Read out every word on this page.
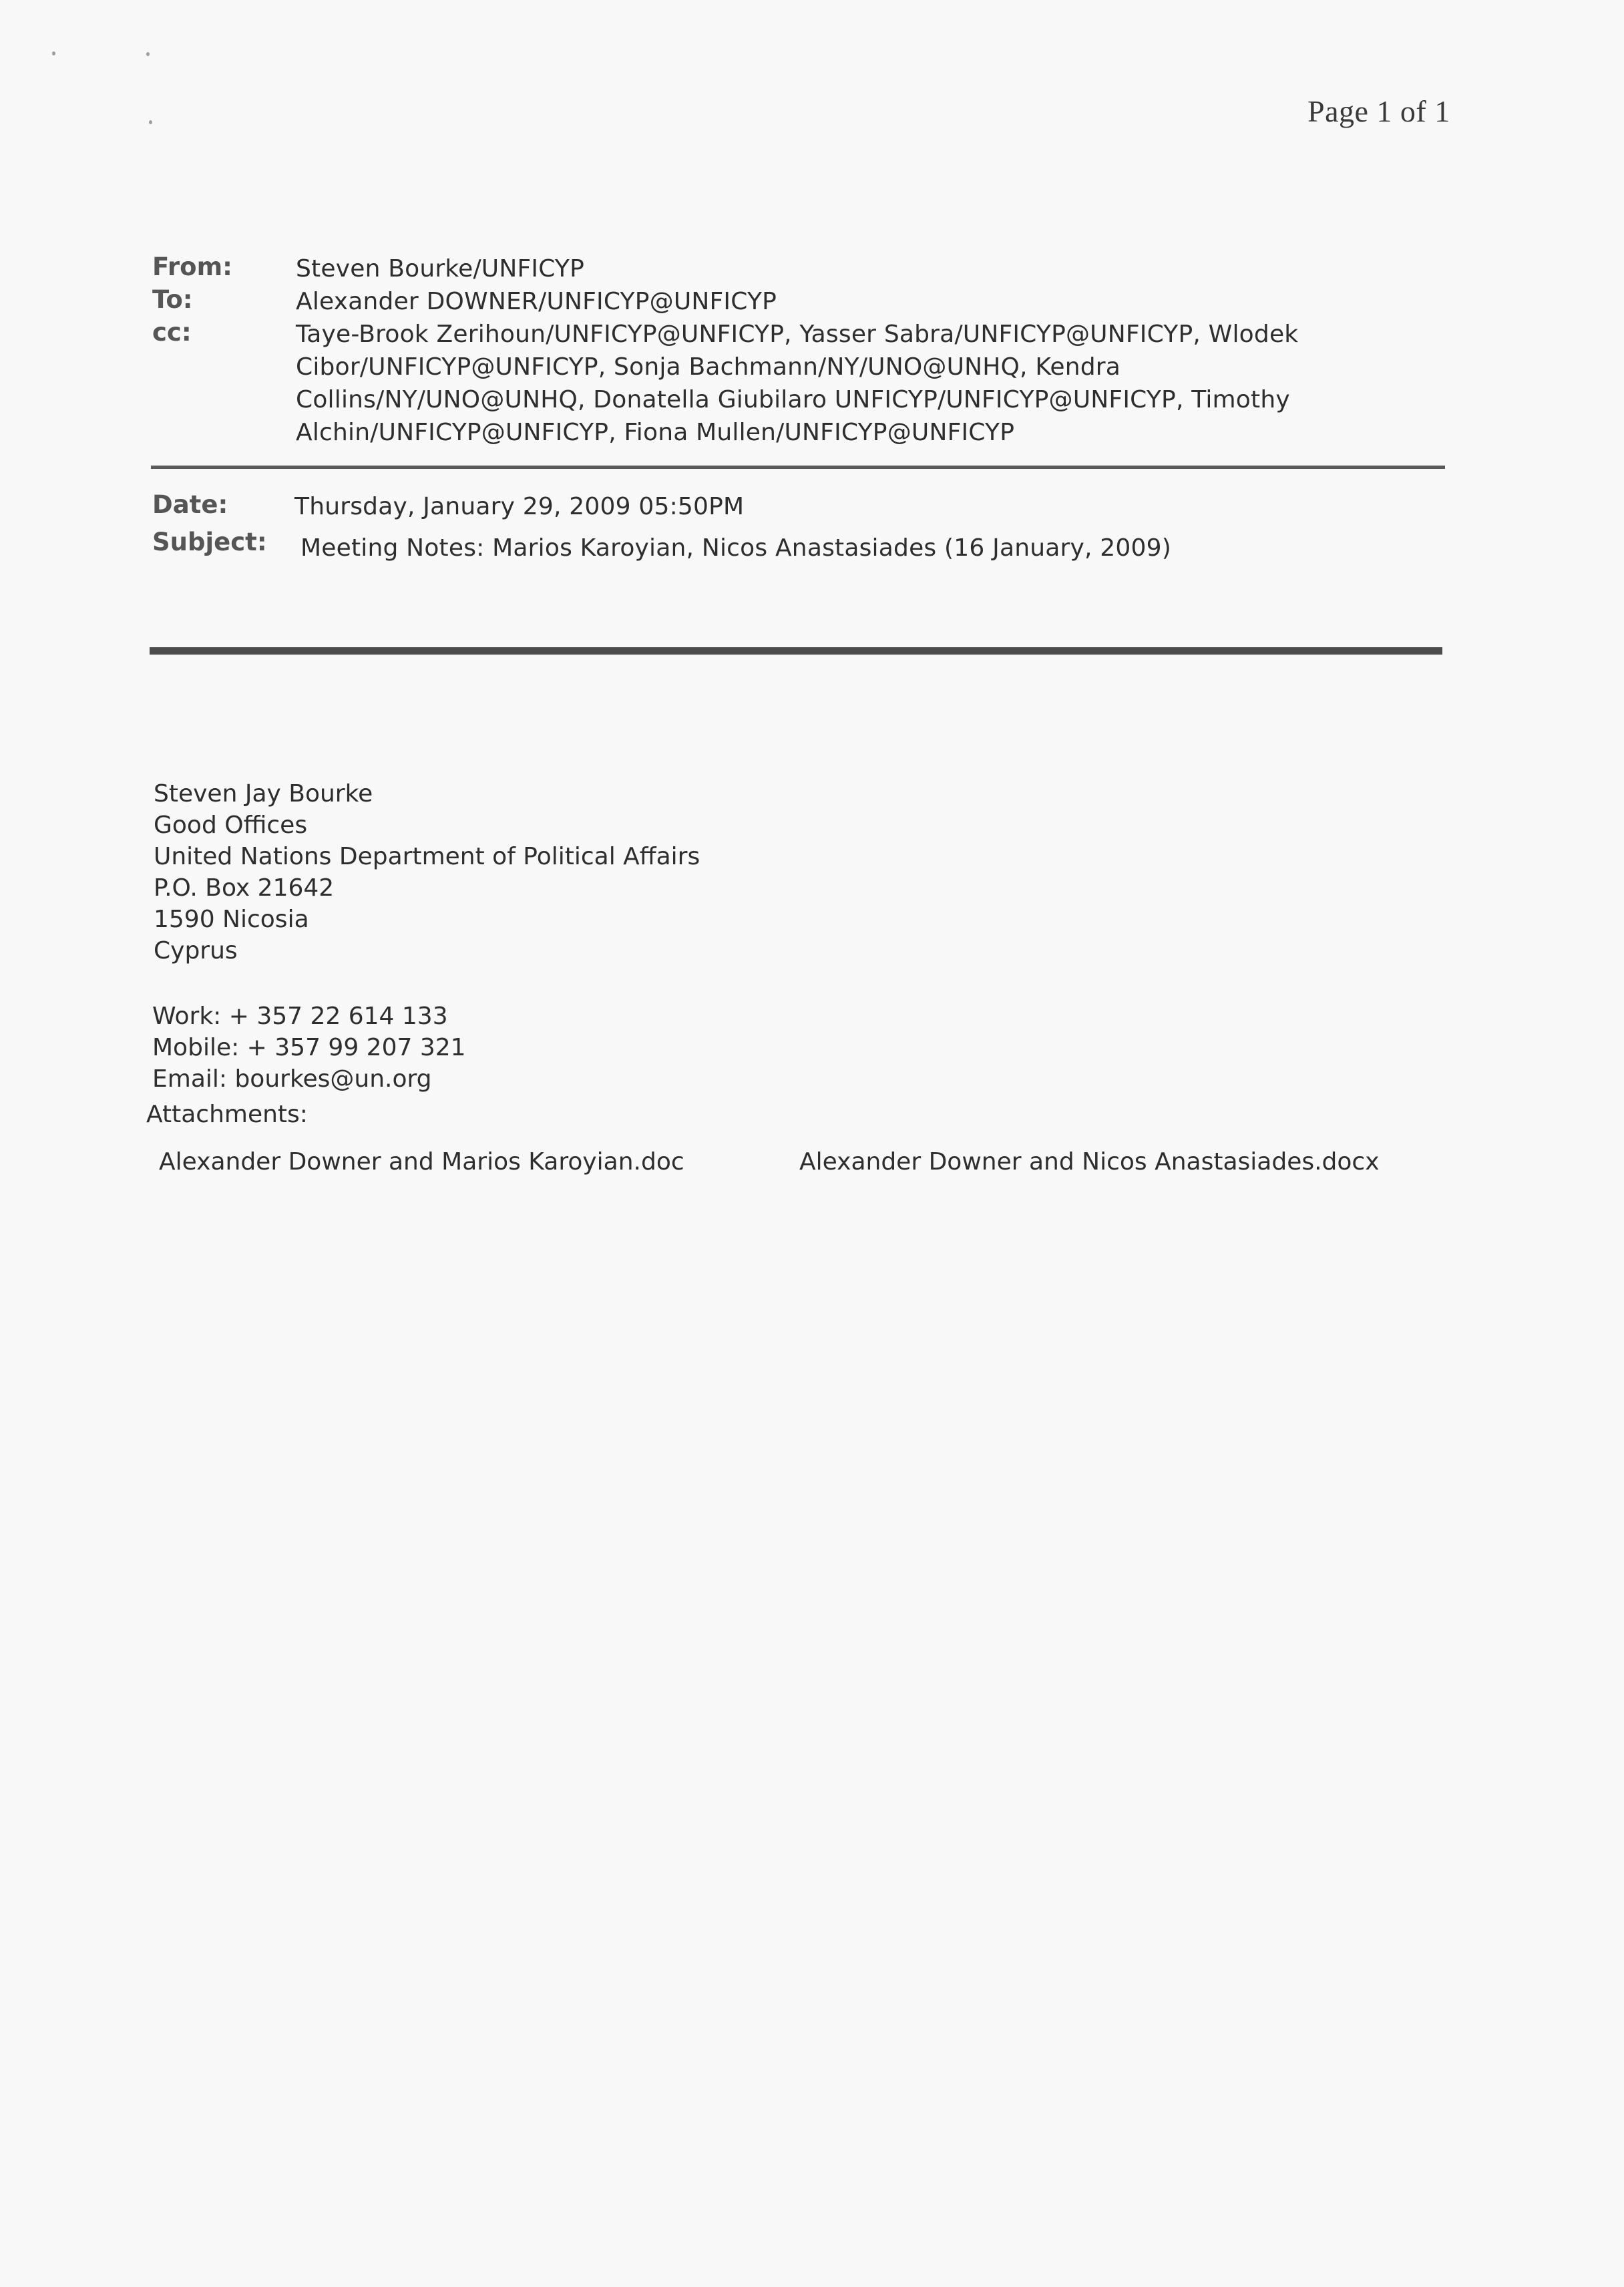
Page 1 of 1
From:	Steven Bourke/UNFICYP
To:	Alexander DOWNER/UNFICYP@UNFICYP
cc:	Taye-Brook Zerihoun/UNFICYP@UNFICYP, Yasser Sabra/UNFICYP@UNFICYP, Wlodek
Cibor/UNFICYP@UNFICYP, Sonja Bachmann/NY/UNO@UNHQ, Kendra
Collins/NY/UNO@UNHQ, Donatella Giubilaro UNFICYP/UNFICYP@UNFICYP, Timothy
Alchin/UNFICYP@UNFICYP, Fiona Mullen/UNFICYP@UNFICYP
Date:	Thursday, January 29, 2009 05:50PM
Subject: Meeting Notes: Marios Karoyian, Nicos Anastasiades (16 January, 2009)
Steven Jay Bourke
Good Offices
United Nations Department of Political Affairs
P.O. Box 21642
1590 Nicosia
Cyprus
Work: + 357 22 614 133
Mobile: + 357 99 207 321
Email: bourkes@un.org
Attachments:
Alexander Downer and Marios Karoyian.doc	Alexander Downer and Nicos Anastasiades.docx
